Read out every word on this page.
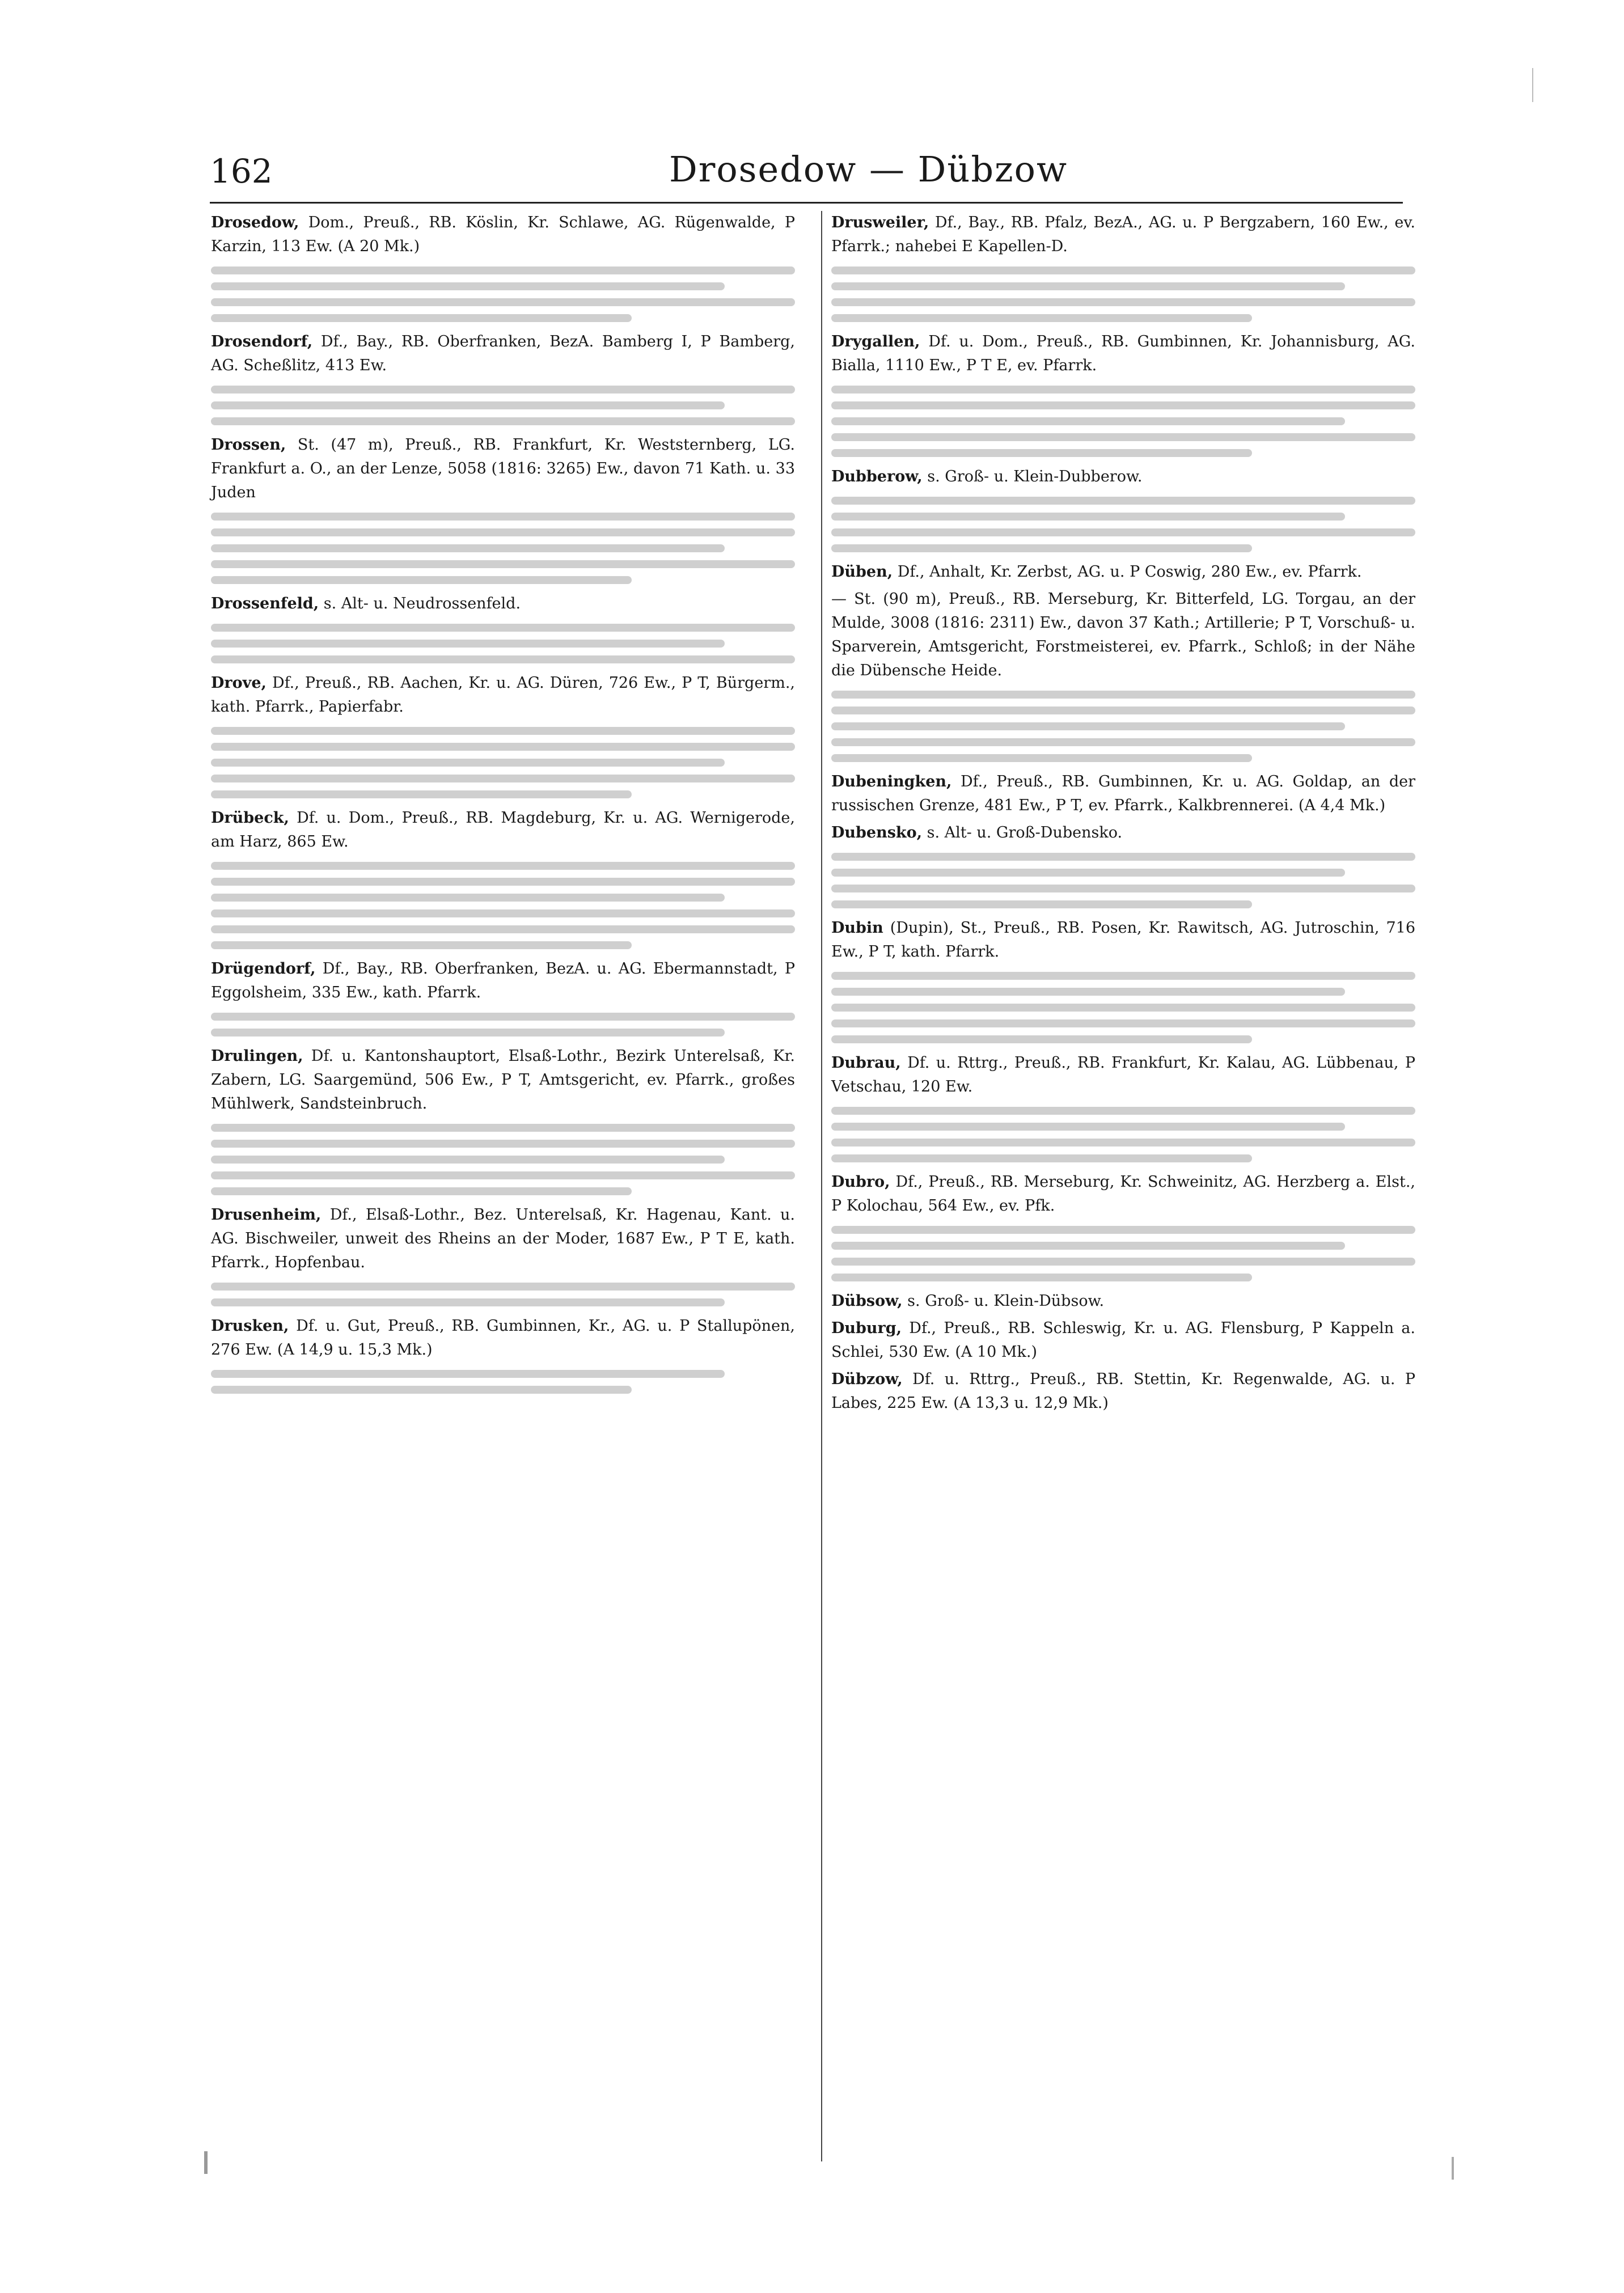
162	Drosedow — Dübzow

Drosedow, Dom., Preuß., RB. Köslin, Kr. Schlawe, AG. Rügenwalde, P Karzin, 113 Ew. (A 20 Mk.)

Drosendorf, Df., Bay., RB. Oberfranken, BezA. Bamberg I, P Bamberg, AG. Scheßlitz, 413 Ew.

Drossen, St. (47 m), Preuß., RB. Frankfurt, Kr. Weststernberg, LG. Frankfurt a. O., an der Lenze, 5058 (1816: 3265) Ew., davon 71 Kath. u. 33 Juden

Drossenfeld, s. Alt- u. Neudrossenfeld.

Drove, Df., Preuß., RB. Aachen, Kr. u. AG. Düren, 726 Ew., P T, Bürgerm., kath. Pfarrk., Papierfabr.

Drübeck, Df. u. Dom., Preuß., RB. Magdeburg, Kr. u. AG. Wernigerode, am Harz, 865 Ew.

Drügendorf, Df., Bay., RB. Oberfranken, BezA. u. AG. Ebermannstadt, P Eggolsheim, 335 Ew., kath. Pfarrk.

Drulingen, Df. u. Kantonshauptort, Elsaß-Lothr., Bezirk Unterelsaß, Kr. Zabern, LG. Saargemünd, 506 Ew., P T, Amtsgericht, ev. Pfarrk., großes Mühlwerk, Sandsteinbruch.

Drusenheim, Df., Elsaß-Lothr., Bez. Unterelsaß, Kr. Hagenau, Kant. u. AG. Bischweiler, unweit des Rheins an der Moder, 1687 Ew., P T E, kath. Pfarrk., Hopfenbau.

Drusken, Df. u. Gut, Preuß., RB. Gumbinnen, Kr., AG. u. P Stallupönen, 276 Ew. (A 14,9 u. 15,3 Mk.)

Drusweiler, Df., Bay., RB. Pfalz, BezA., AG. u. P Bergzabern, 160 Ew., ev. Pfarrk.; nahebei E Kapellen-D.

Drygallen, Df. u. Dom., Preuß., RB. Gumbinnen, Kr. Johannisburg, AG. Bialla, 1110 Ew., P T E, ev. Pfarrk.

Dubberow, s. Groß- u. Klein-Dubberow.

Düben, Df., Anhalt, Kr. Zerbst, AG. u. P Coswig, 280 Ew., ev. Pfarrk.

— St. (90 m), Preuß., RB. Merseburg, Kr. Bitterfeld, LG. Torgau, an der Mulde, 3008 (1816: 2311) Ew., davon 37 Kath.; Artillerie; P T, Vorschuß- u. Sparverein, Amtsgericht, Forstmeisterei, ev. Pfarrk., Schloß; in der Nähe die Dübensche Heide.

Dubeningken, Df., Preuß., RB. Gumbinnen, Kr. u. AG. Goldap, an der russischen Grenze, 481 Ew., P T, ev. Pfarrk., Kalkbrennerei. (A 4,4 Mk.)

Dubensko, s. Alt- u. Groß-Dubensko.

Dubin (Dupin), St., Preuß., RB. Posen, Kr. Rawitsch, AG. Jutroschin, 716 Ew., P T, kath. Pfarrk.

Dubrau, Df. u. Rttrg., Preuß., RB. Frankfurt, Kr. Kalau, AG. Lübbenau, P Vetschau, 120 Ew.

Dubro, Df., Preuß., RB. Merseburg, Kr. Schweinitz, AG. Herzberg a. Elst., P Kolochau, 564 Ew., ev. Pfk.

Dübsow, s. Groß- u. Klein-Dübsow.

Duburg, Df., Preuß., RB. Schleswig, Kr. u. AG. Flensburg, P Kappeln a. Schlei, 530 Ew. (A 10 Mk.)

Dübzow, Df. u. Rttrg., Preuß., RB. Stettin, Kr. Regenwalde, AG. u. P Labes, 225 Ew. (A 13,3 u. 12,9 Mk.)
